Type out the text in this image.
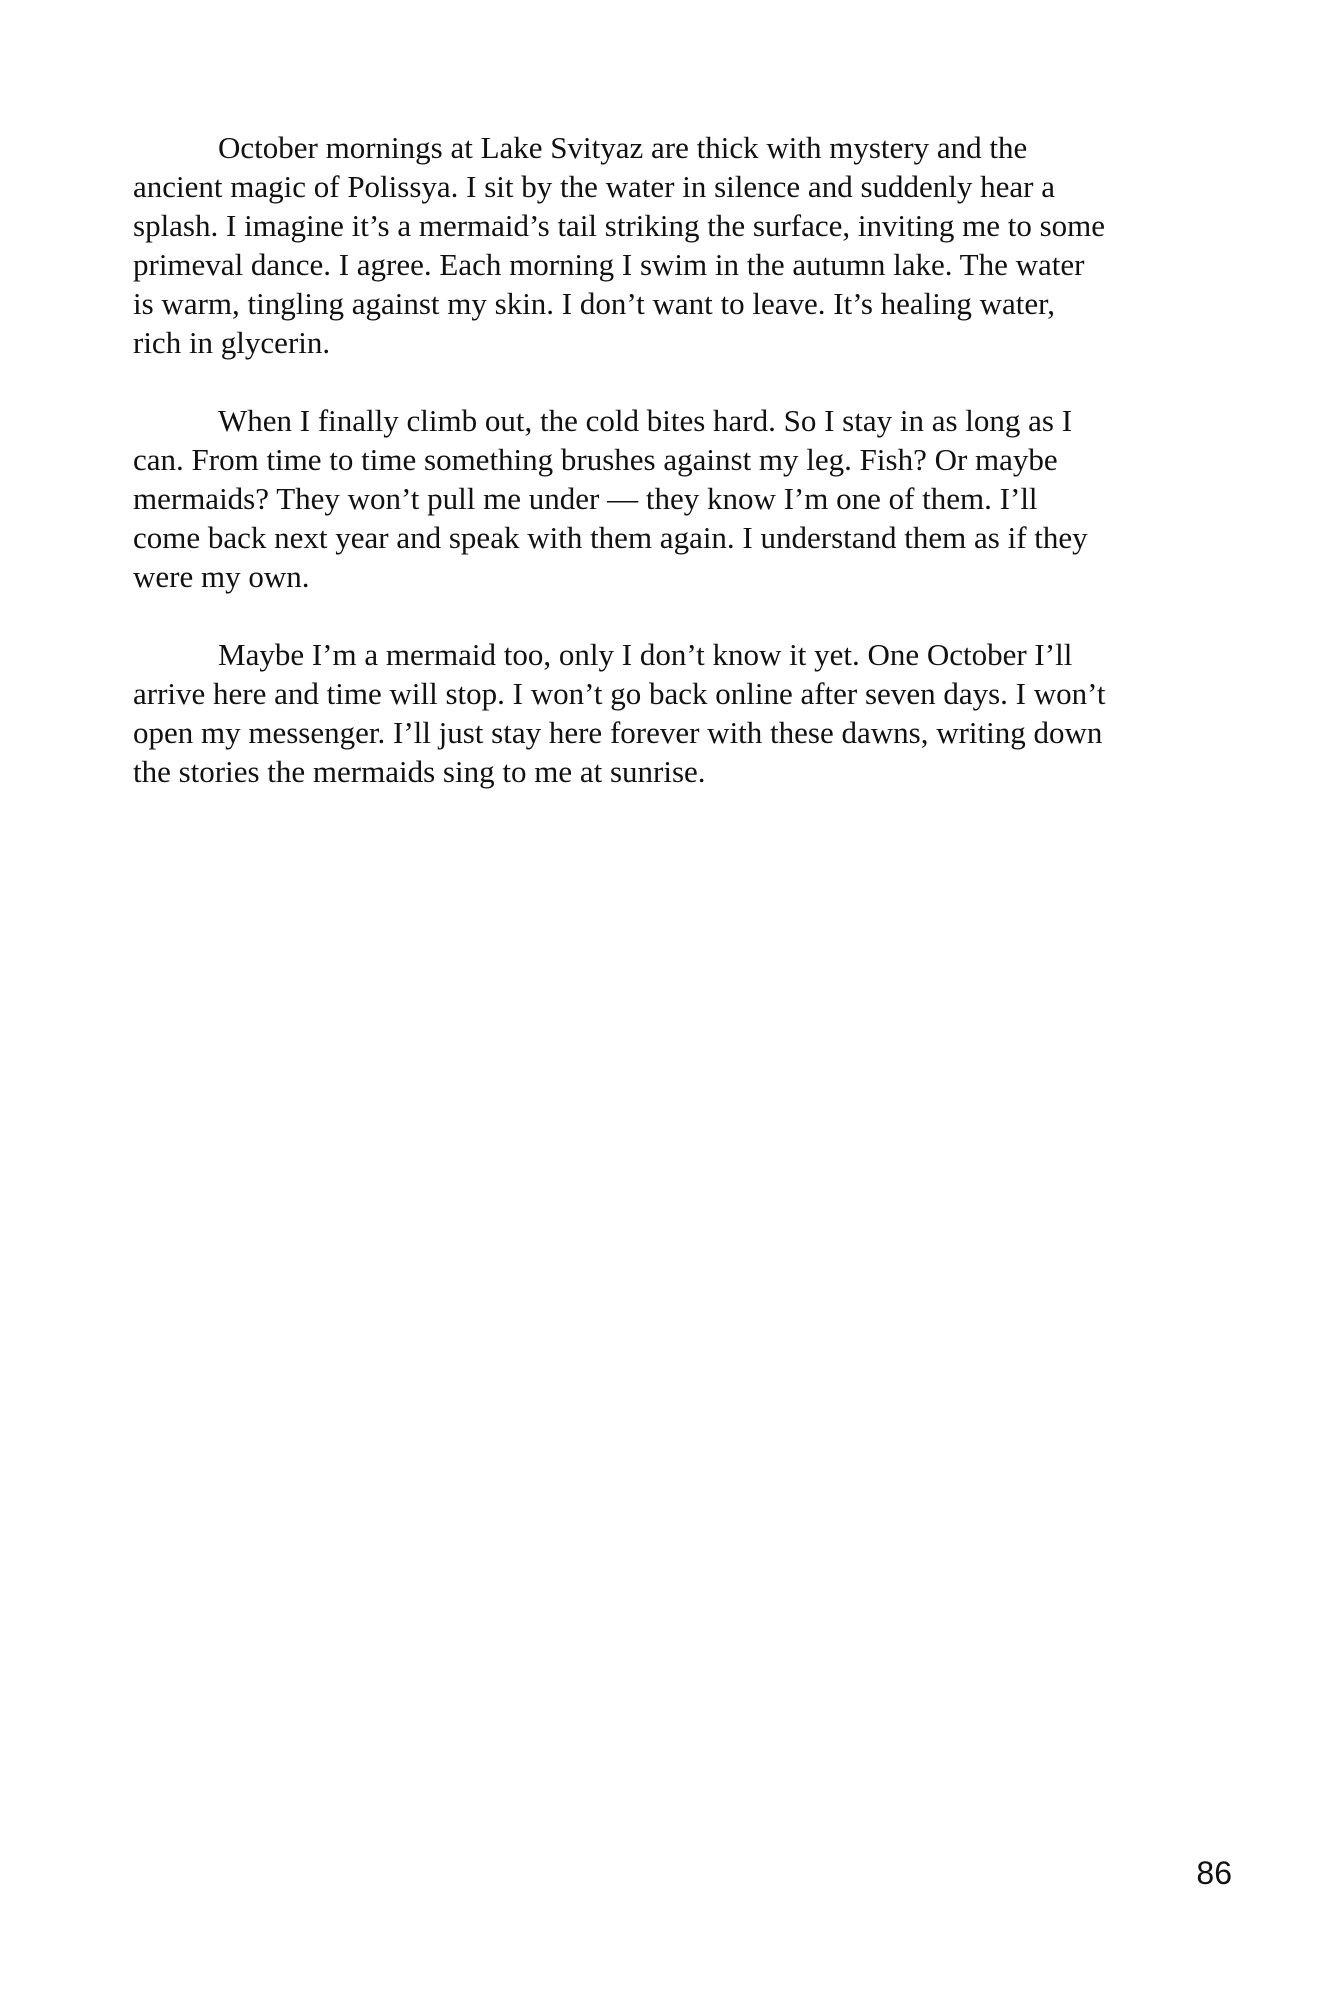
October mornings at Lake Svityaz are thick with mystery and the
ancient magic of Polissya. I sit by the water in silence and suddenly hear a
splash. I imagine it’s a mermaid’s tail striking the surface, inviting me to some
primeval dance. I agree. Each morning I swim in the autumn lake. The water
is warm, tingling against my skin. I don’t want to leave. It’s healing water,
rich in glycerin.
When I finally climb out, the cold bites hard. So I stay in as long as I
can. From time to time something brushes against my leg. Fish? Or maybe
mermaids? They won’t pull me under — they know I’m one of them. I’ll
come back next year and speak with them again. I understand them as if they
were my own.
Maybe I’m a mermaid too, only I don’t know it yet. One October I’ll
arrive here and time will stop. I won’t go back online after seven days. I won’t
open my messenger. I’ll just stay here forever with these dawns, writing down
the stories the mermaids sing to me at sunrise.
86
